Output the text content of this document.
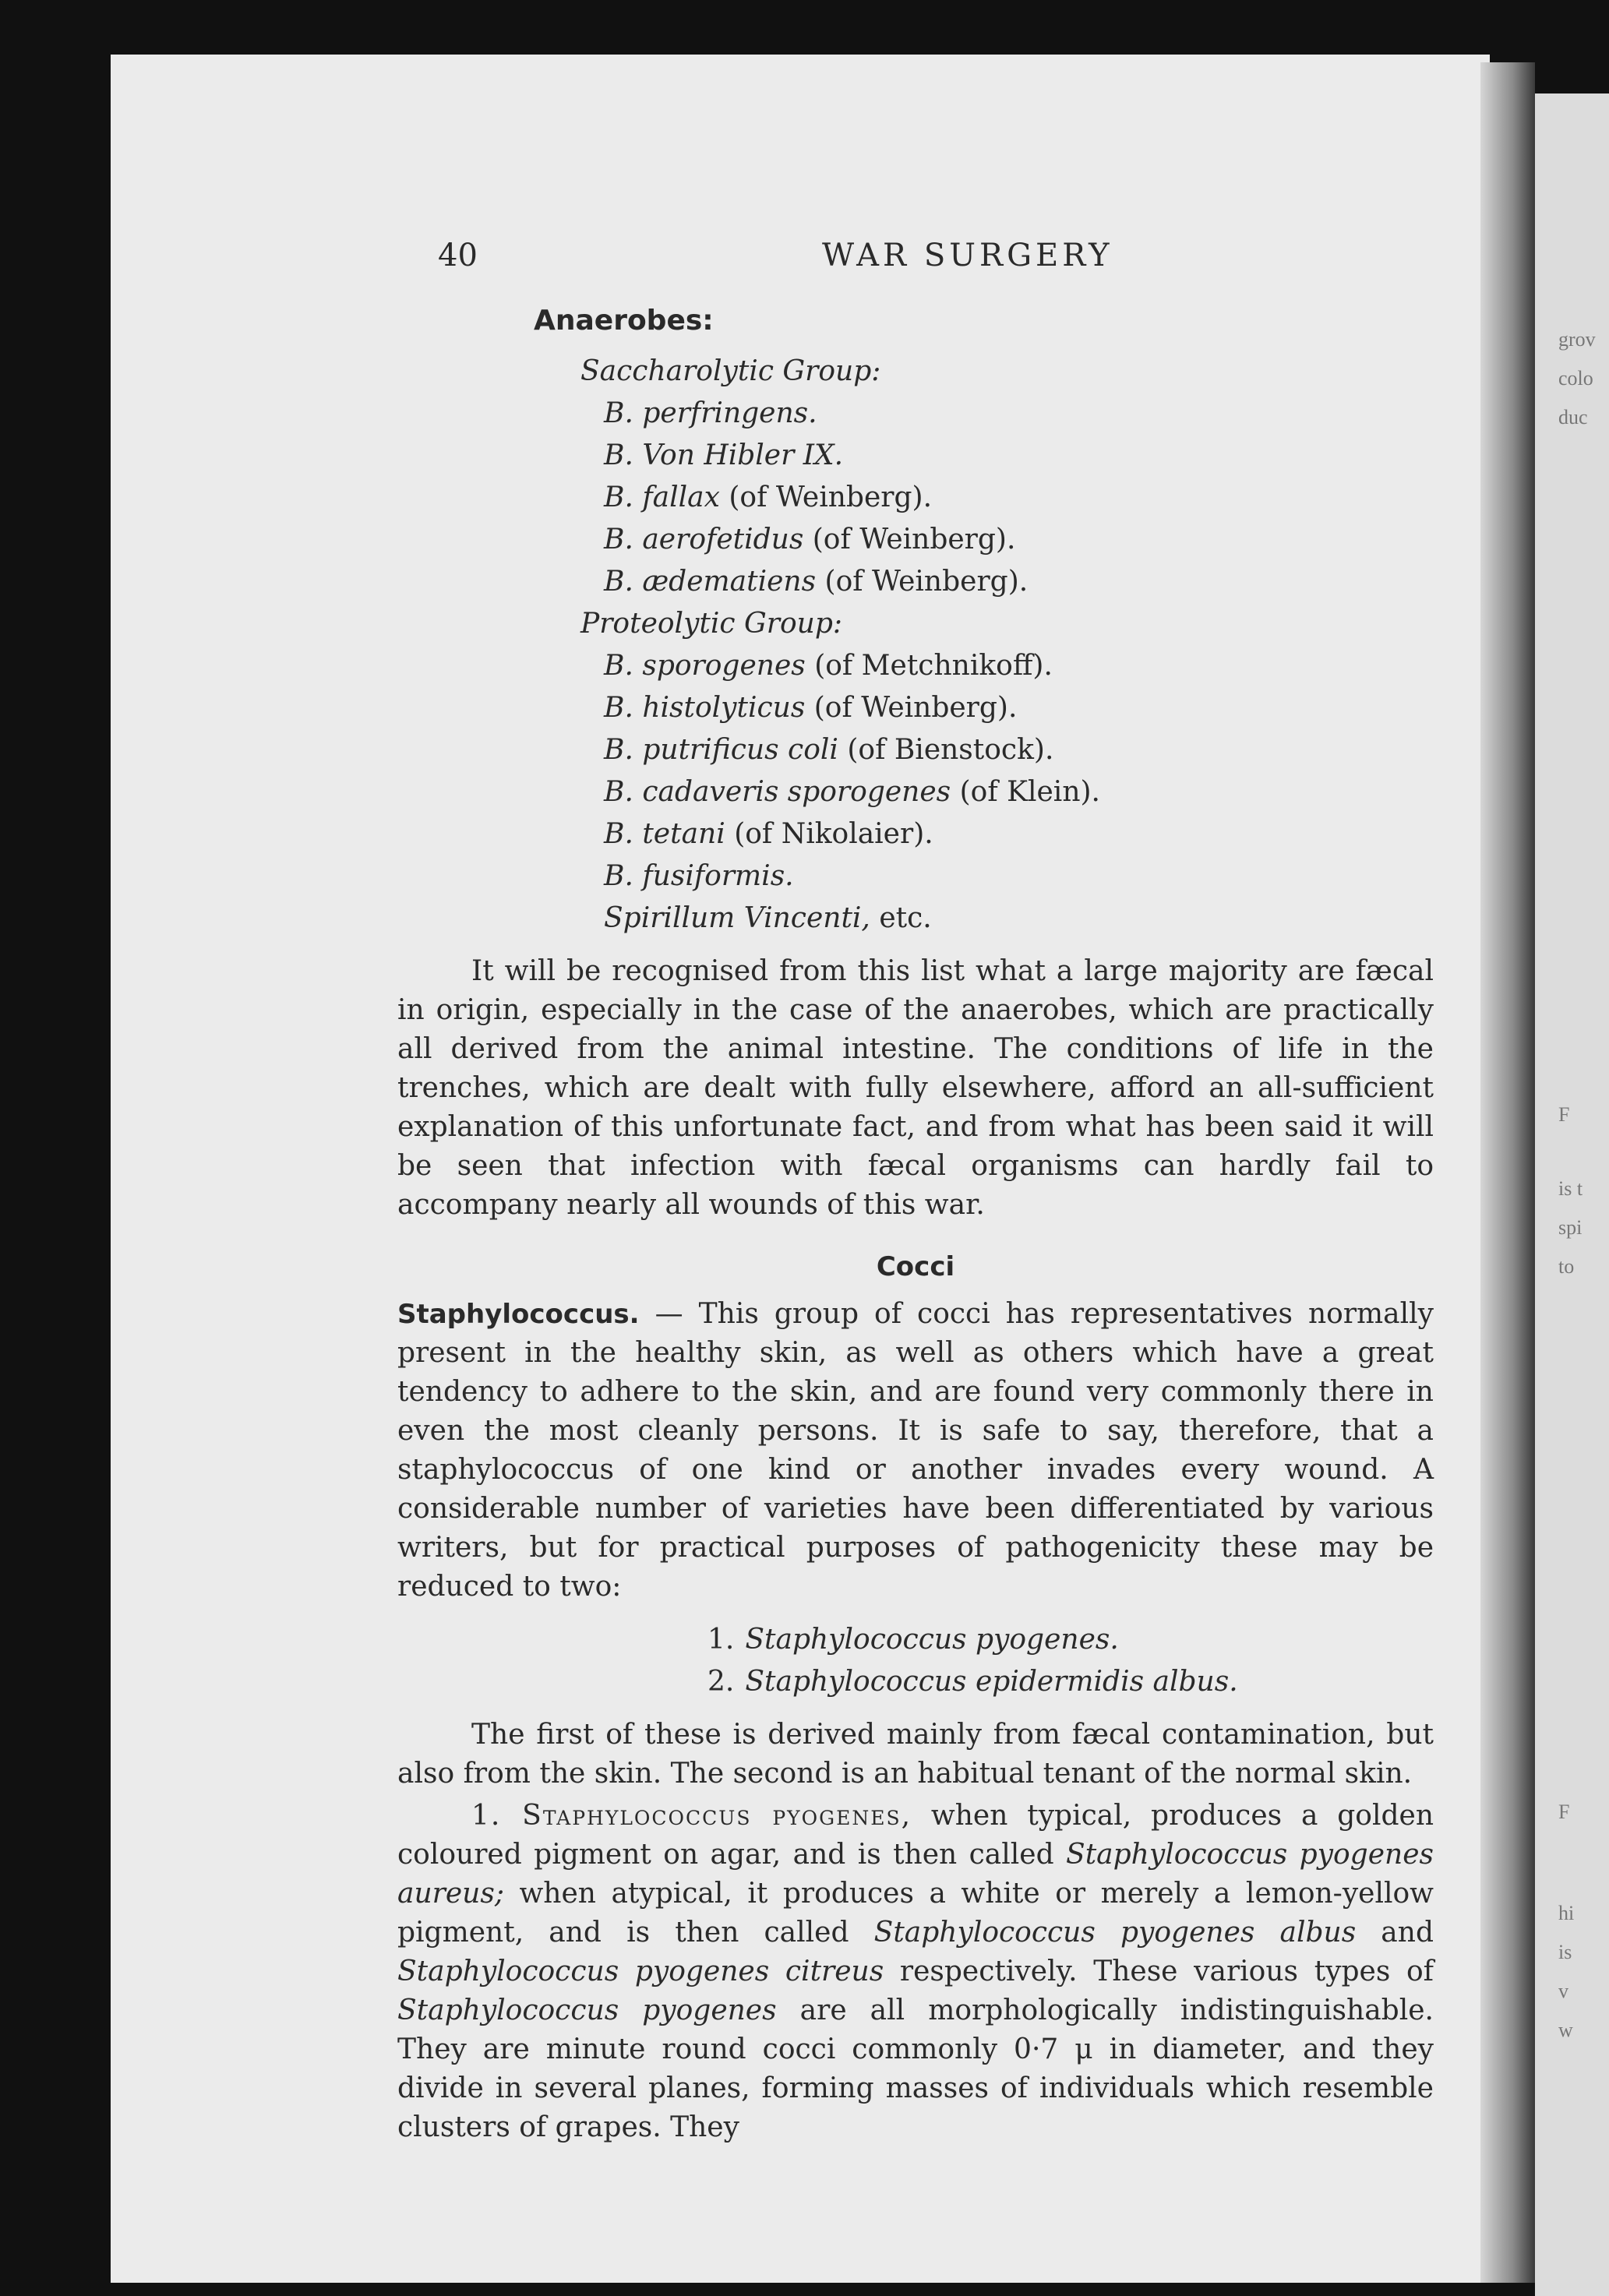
grov
colo
duc
F
is t
spi
to
F
hi
is
v
w
40	WAR SURGERY
Anaerobes:
Saccharolytic Group:
B. perfringens.
B. Von Hibler IX.
B. fallax (of Weinberg).
B. aerofetidus (of Weinberg).
B. ædematiens (of Weinberg).
Proteolytic Group:
B. sporogenes (of Metchnikoff).
B. histolyticus (of Weinberg).
B. putrificus coli (of Bienstock).
B. cadaveris sporogenes (of Klein).
B. tetani (of Nikolaier).
B. fusiformis.
Spirillum Vincenti, etc.

It will be recognised from this list what a large majority are fæcal in origin, especially in the case of the anaerobes, which are practically all derived from the animal intestine. The conditions of life in the trenches, which are dealt with fully elsewhere, afford an all-sufficient explanation of this unfortunate fact, and from what has been said it will be seen that infection with fæcal organisms can hardly fail to accompany nearly all wounds of this war.

Cocci

Staphylococcus. — This group of cocci has representatives normally present in the healthy skin, as well as others which have a great tendency to adhere to the skin, and are found very commonly there in even the most cleanly persons. It is safe to say, therefore, that a staphylococcus of one kind or another invades every wound. A considerable number of varieties have been differentiated by various writers, but for practical purposes of pathogenicity these may be reduced to two:

1. Staphylococcus pyogenes.
2. Staphylococcus epidermidis albus.

The first of these is derived mainly from fæcal contamination, but also from the skin. The second is an habitual tenant of the normal skin.

1. Staphylococcus pyogenes, when typical, produces a golden coloured pigment on agar, and is then called Staphylococcus pyogenes aureus; when atypical, it produces a white or merely a lemon-yellow pigment, and is then called Staphylococcus pyogenes albus and Staphylococcus pyogenes citreus respectively. These various types of Staphylococcus pyogenes are all morphologically indistinguishable. They are minute round cocci commonly 0·7 μ in diameter, and they divide in several planes, forming masses of individuals which resemble clusters of grapes. They
